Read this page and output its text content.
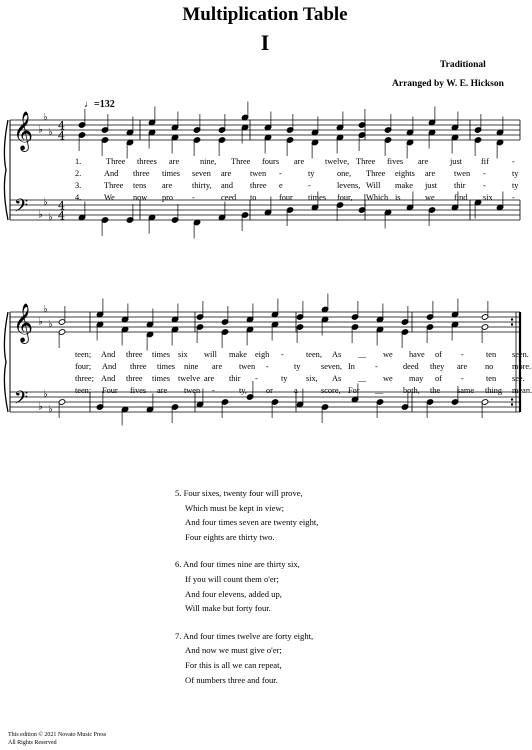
Multiplication Table
I
Traditional
Arranged by W. E. Hickson
♩=132
𝄞
𝄢
♭
♭
♭
♭
♭
♭
4
4
4
4
1.	Three threes are	nine, Three fours are	twelve, Three fives are	just fif	-
2.	And three times seven are twen -	ty	one, Three eights are twen -	ty
3.	Three tens are thirty, and three e	-	levens, Will make just thir -	ty
4.	We now pro -	ceed to	four times four, Which is	we find six -
𝄞
𝄢
♭
♭
♭
♭
♭
♭
teen; And three times six will make eigh -	teen, As __ we have of -	ten seen.
four; And three times nine are twen -	ty seven, In -	deed they are no more.
three; And three times twelve are thir -	ty six, As __ we may of -	ten see.
teen; Four fives are twen -	ty, or	a	score, For __ both, the same thing mean.
5. Four sixes, twenty four will prove,
Which must be kept in view;
And four times seven are twenty eight,
Four eights are thirty two.
6. And four times nine are thirty six,
If you will count them o'er;
And four elevens, added up,
Will make but forty four.
7. And four times twelve are forty eight,
And now we must give o'er;
For this is all we can repeat,
Of numbers three and four.
This edition © 2021 Novato Music Press
All Rights Reserved
